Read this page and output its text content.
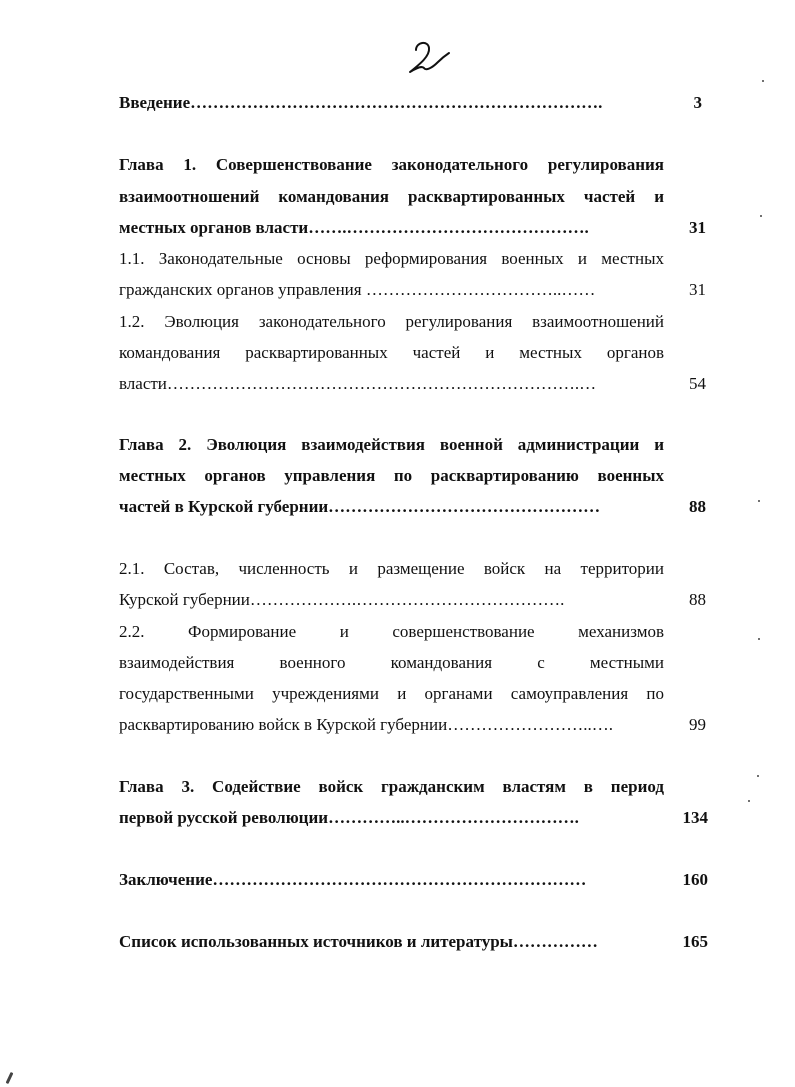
Введение……………………………………………………………….	3
Глава 1. Совершенствование законодательного регулирования
взаимоотношений командования расквартированных частей и
местных органов власти…….…………………………………….	31
1.1. Законодательные основы реформирования военных и местных
гражданских органов управления ……………………………..……	31
1.2. Эволюция законодательного регулирования взаимоотношений
командования расквартированных частей и местных органов
власти……………………………………………………………….…	54
Глава 2. Эволюция взаимодействия военной администрации и
местных органов управления по расквартированию военных
частей в Курской губернии…………………………………………	88
2.1. Состав, численность и размещение войск на территории
Курской губернии……………….……………………………….	88
2.2. Формирование и совершенствование механизмов
взаимодействия военного командования с местными
государственными учреждениями и органами самоуправления по
расквартированию войск в Курской губернии……………………..….	99
Глава 3. Содействие войск гражданским властям в период
первой русской революции…………..………………………….	134
Заключение…………………………………………………………	160
Список использованных источников и литературы……………	165
